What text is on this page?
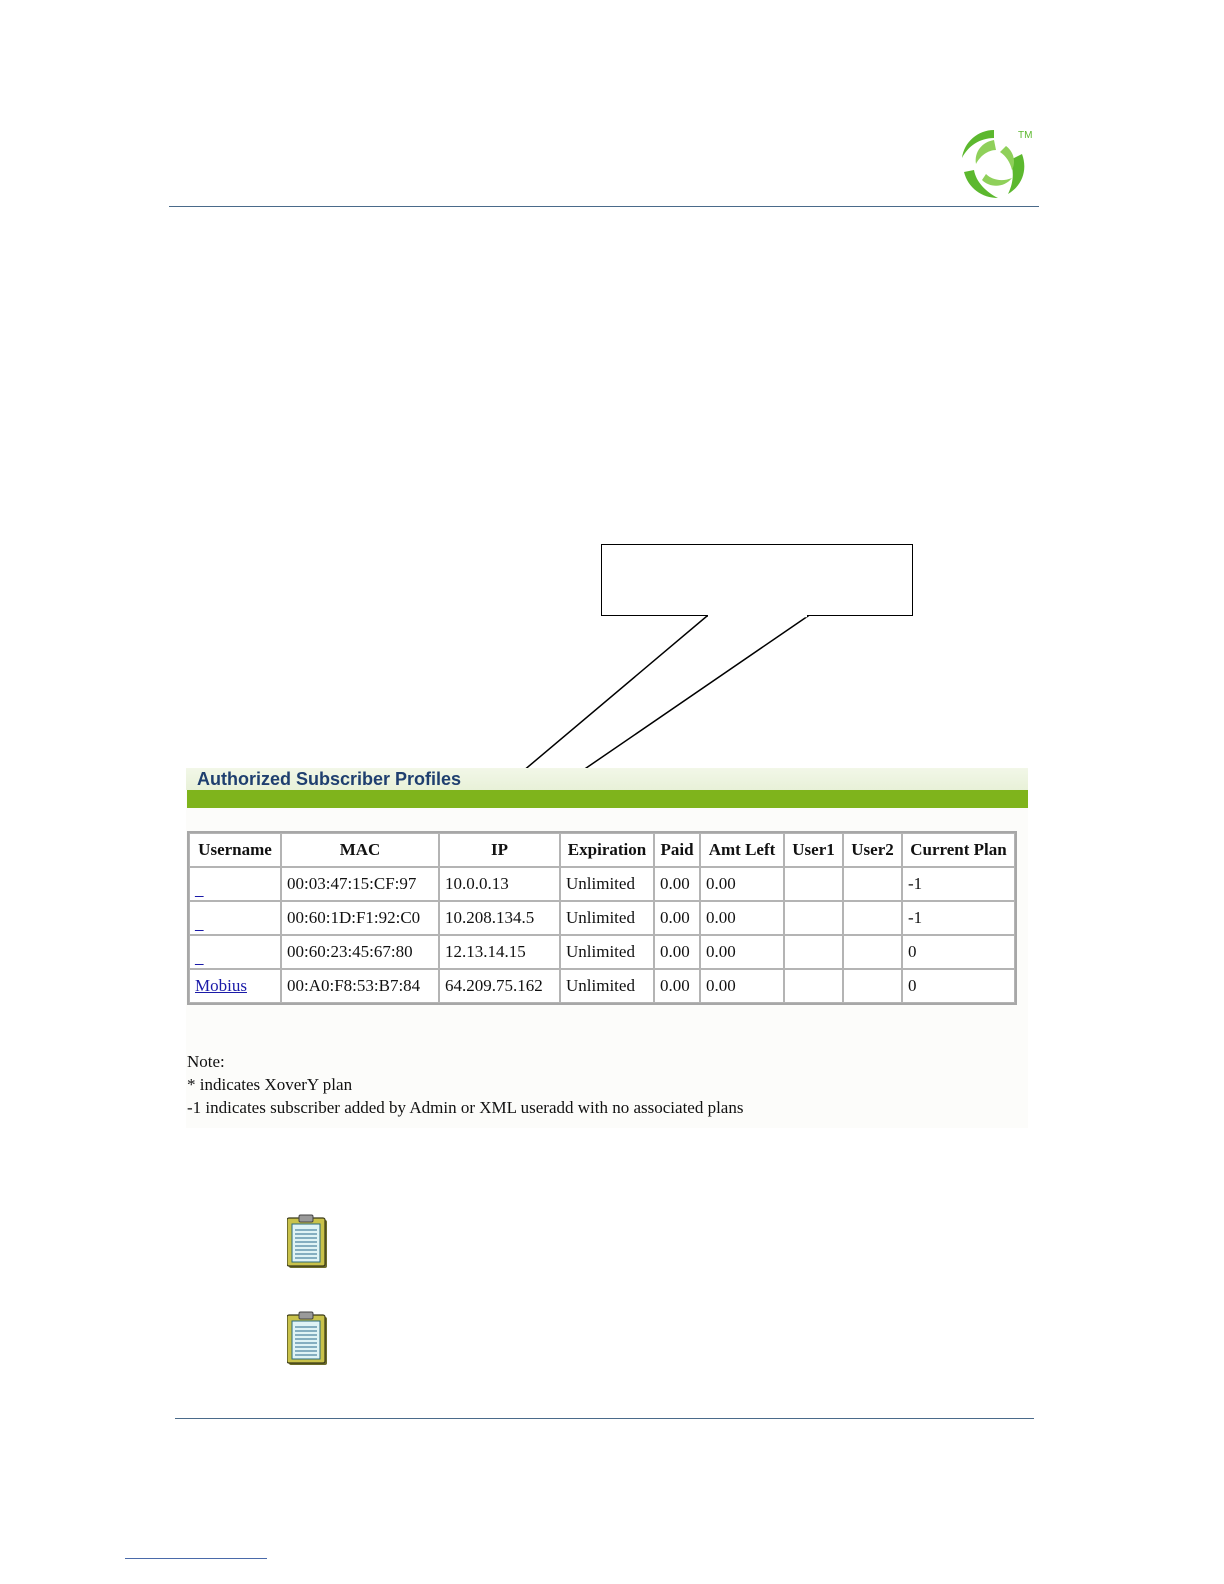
TM
Authorized Subscriber Profiles
Username	MAC	IP	Expiration	Paid	Amt Left	User1	User2	Current Plan
_	00:03:47:15:CF:97	10.0.0.13	Unlimited	0.00	0.00			-1
_	00:60:1D:F1:92:C0	10.208.134.5	Unlimited	0.00	0.00			-1
_	00:60:23:45:67:80	12.13.14.15	Unlimited	0.00	0.00			0
Mobius	00:A0:F8:53:B7:84	64.209.75.162	Unlimited	0.00	0.00			0
Note:
* indicates XoverY plan
-1 indicates subscriber added by Admin or XML useradd with no associated plans
